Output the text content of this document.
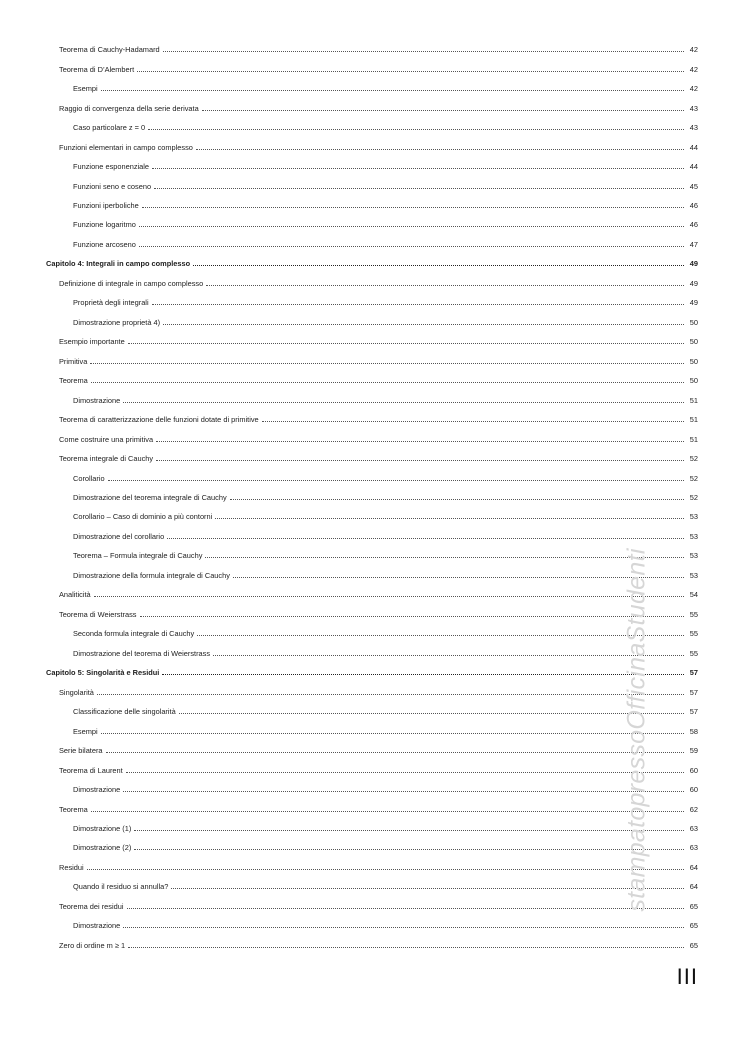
Teorema di Cauchy-Hadamard	42
Teorema di D’Alembert	42
Esempi	42
Raggio di convergenza della serie derivata	43
Caso particolare z = 0	43
Funzioni elementari in campo complesso	44
Funzione esponenziale	44
Funzioni seno e coseno	45
Funzioni iperboliche	46
Funzione logaritmo	46
Funzione arcoseno	47
Capitolo 4: Integrali in campo complesso	49
Definizione di integrale in campo complesso	49
Proprietà degli integrali	49
Dimostrazione proprietà 4)	50
Esempio importante	50
Primitiva	50
Teorema	50
Dimostrazione	51
Teorema di caratterizzazione delle funzioni dotate di primitive	51
Come costruire una primitiva	51
Teorema integrale di Cauchy	52
Corollario	52
Dimostrazione del teorema integrale di Cauchy	52
Corollario – Caso di dominio a più contorni	53
Dimostrazione del corollario	53
Teorema – Formula integrale di Cauchy	53
Dimostrazione della formula integrale di Cauchy	53
Analiticità	54
Teorema di Weierstrass	55
Seconda formula integrale di Cauchy	55
Dimostrazione del teorema di Weierstrass	55
Capitolo 5: Singolarità e Residui	57
Singolarità	57
Classificazione delle singolarità	57
Esempi	58
Serie bilatera	59
Teorema di Laurent	60
Dimostrazione	60
Teorema	62
Dimostrazione (1)	63
Dimostrazione (2)	63
Residui	64
Quando il residuo si annulla?	64
Teorema dei residui	65
Dimostrazione	65
Zero di ordine m ≥ 1	65
stampatopressoOfficinaStudenti
III
